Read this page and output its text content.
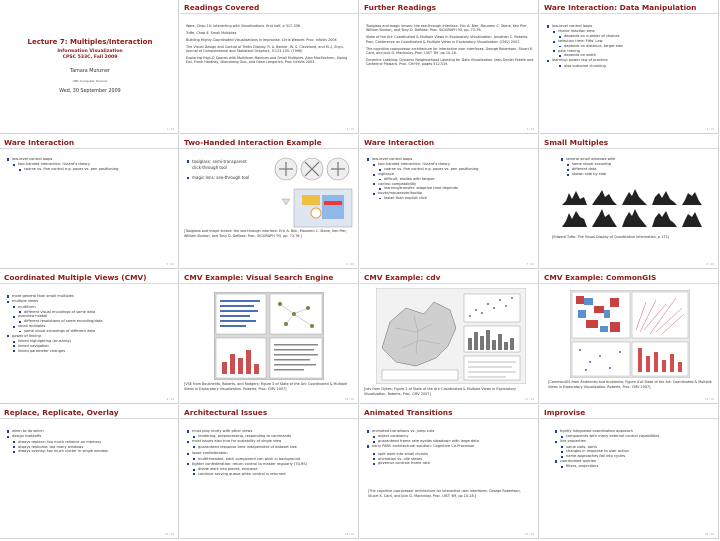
Lecture 7: Multiples/Interaction
Information Visualization
CPSC 533C, Fall 2009
Tamara Munzner
UBC Computer Science
Wed, 30 September 2009
1 / 16
Readings Covered

Ware, Chap 10: Interacting with Visualizations. first half, p 317-336

Tufte, Chap 4: Small Multiples

Building Highly-Coordinated Visualizations In Improvise. Chris Weaver. Proc. InfoVis 2004

The Visual Design and Control of Trellis Display. R. A. Becker, W. S. Cleveland, and M.-J. Shyu. Journal of Computational and Statistical Graphics, 5:123-155. (1996)

Exploring High-D Spaces with Multiform Matrices and Small Multiples. Alan MacEachren, Xiping Dai, Frank Hardisty, Diansheng Guo, and Gene Lengerich. Proc InfoVis 2003.

2 / 16
Further Readings

Toolglass and magic lenses: the see-through interface. Eric A. Bier, Maureen C. Stone, Ken Pier, William Buxton, and Tony D. DeRose. Proc. SIGGRAPH 93, pp. 73-76.

State of the Art: Coordinated & Multiple Views in Exploratory Visualization. Jonathan C. Roberts. Proc. Conference on Coordinated & Multiple Views in Exploratory Visualization (CMV) 2007.

The cognitive coprocessor architecture for interactive user interfaces. George Robertson, Stuart K. Card, and Jock D. Mackinlay. Proc. UIST '89, pp 10-18.

Excentric Labeling: Dynamic Neighborhood Labeling for Data Visualization. Jean-Daniel Fekete and Catherine Plaisant. Proc. CHI'99, pages 512-519.

3 / 16
Ware Interaction: Data Manipulation
low-level control loops
choice reaction time
depends on number of choices
selection time: Fitts' Law
depends on distance, target size
path tracing
depends on width
learning: power law of practice
also outcome chunking
4 / 16
Ware Interaction
low-level control loops
two-handed interaction: Guiard's theory
coarse vs. fine control e.g. paper vs. pen positioning
5 / 16
Two-Handed Interaction Example
toolglass: semi-transparent click-through tool
magic lens: see-through tool
[Toolglass and magic lenses: the see-through interface. Eric A. Bier, Maureen C. Stone, Ken Pier, William Buxton, and Tony D. DeRose. Proc. SIGGRAPH '93, pp. 73-76.]
6 / 16
Ware Interaction
low-level control loops
two-handed interaction: Guiard's theory
coarse vs. fine control e.g. paper vs. pen positioning
vigilance
difficult, erodes with fatigue
control compatability
learning/transfer: adaptive time depends
hover/mouseover/tooltip
faster than explicit click
7 / 16
Small Multiples
several small windows with
same visual encoding
different data
shown side by side
[Edward Tufte. The Visual Display of Quantitative Information, p 172]
8 / 16
Coordinated Multiple Views (CMV)
more general than small multiples
multiple views
multiform
different visual encodings of same data
overview+detail
different resolutions of same encoding/data
small multiples
same visual encodings of different data
power of linking
linked highlighting (brushing)
linked navigation
linked parameter changes
9 / 16
CMV Example: Visual Search Engine
[VSE from Boukhelifa, Roberts, and Rodgers; Figure 3 of State of the Art: Coordinated & Multiple Views in Exploratory Visualization. Roberts, Proc. CMV 2007]
10 / 16
CMV Example: cdv
[cdv from Dykes; Figure 2 of State of the Art: Coordinated & Multiple Views in Exploratory Visualization. Roberts, Proc. CMV 2007]
11 / 16
CMV Example: CommonGIS
[CommonGIS from Andrienko and Andrienko; Figure 4 of State of the Art: Coordinated & Multiple Views in Exploratory Visualization. Roberts, Proc. CMV 2007]
12 / 16
Replace, Replicate, Overlay
when to do which
design tradeoffs
always replace: too much reliance on memory
always replicate: too many windows
always overlay: too much clutter in single window
13 / 16
Architectural Issues
must play nicely with other views
rendering, preprocessing, responding to commands
most issues also true for scalability of single view
guaranteed response time independent of dataset size
loose confederation
multithreaded, each component can work in background
tighter confederation: return control to master regularly (TIJ-RS)
divide work into pieces, enqueue
continue serving queue when control is returned
14 / 16
Animated Transitions
animated transitions vs. jump cuts
object constancy
guaranteed frame rate avoids slowdown with large data
early PARC architectural solution: Cognitive Co-Processor
split work into small chunks
animation vs. idle states
governor controls frame rate
[The cognitive coprocessor architecture for interactive user interfaces. George Robertson, Stuart K. Card, and Jock D. Mackinlay. Proc. UIST '89, pp 10-18.]
15 / 16
Improvise
tightly integrated coordination approach
components with many external control capabilities
live properties
value slots, ports
changes in response to user action
name approaches fall into cycles
coordinated queries
filters, projections
16 / 16
